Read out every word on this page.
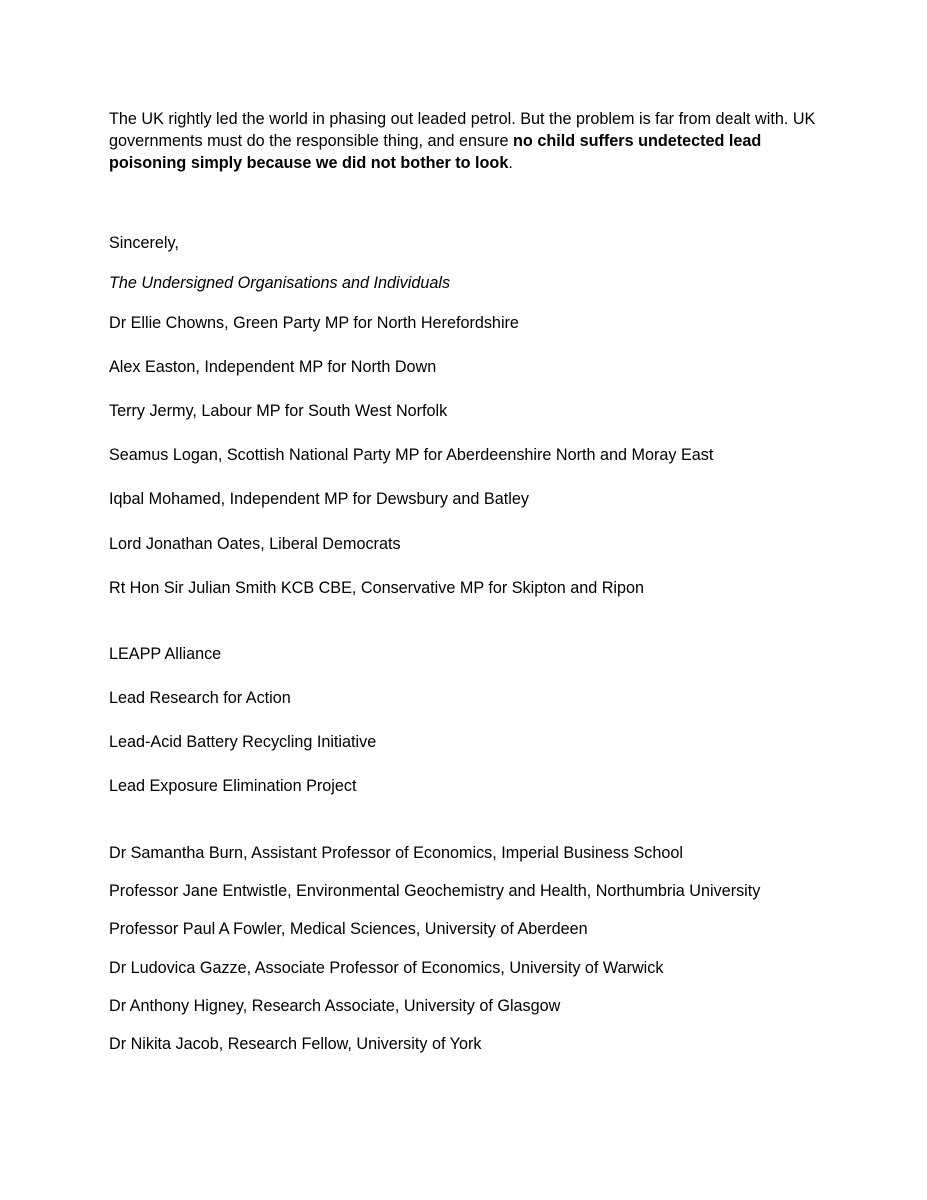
The UK rightly led the world in phasing out leaded petrol. But the problem is far from dealt with. UK governments must do the responsible thing, and ensure no child suffers undetected lead poisoning simply because we did not bother to look.

Sincerely,

The Undersigned Organisations and Individuals

Dr Ellie Chowns, Green Party MP for North Herefordshire

Alex Easton, Independent MP for North Down

Terry Jermy, Labour MP for South West Norfolk

Seamus Logan, Scottish National Party MP for Aberdeenshire North and Moray East

Iqbal Mohamed, Independent MP for Dewsbury and Batley

Lord Jonathan Oates, Liberal Democrats

Rt Hon Sir Julian Smith KCB CBE, Conservative MP for Skipton and Ripon

LEAPP Alliance

Lead Research for Action

Lead-Acid Battery Recycling Initiative

Lead Exposure Elimination Project

Dr Samantha Burn, Assistant Professor of Economics, Imperial Business School

Professor Jane Entwistle, Environmental Geochemistry and Health, Northumbria University

Professor Paul A Fowler, Medical Sciences, University of Aberdeen

Dr Ludovica Gazze, Associate Professor of Economics, University of Warwick

Dr Anthony Higney, Research Associate, University of Glasgow

Dr Nikita Jacob, Research Fellow, University of York
